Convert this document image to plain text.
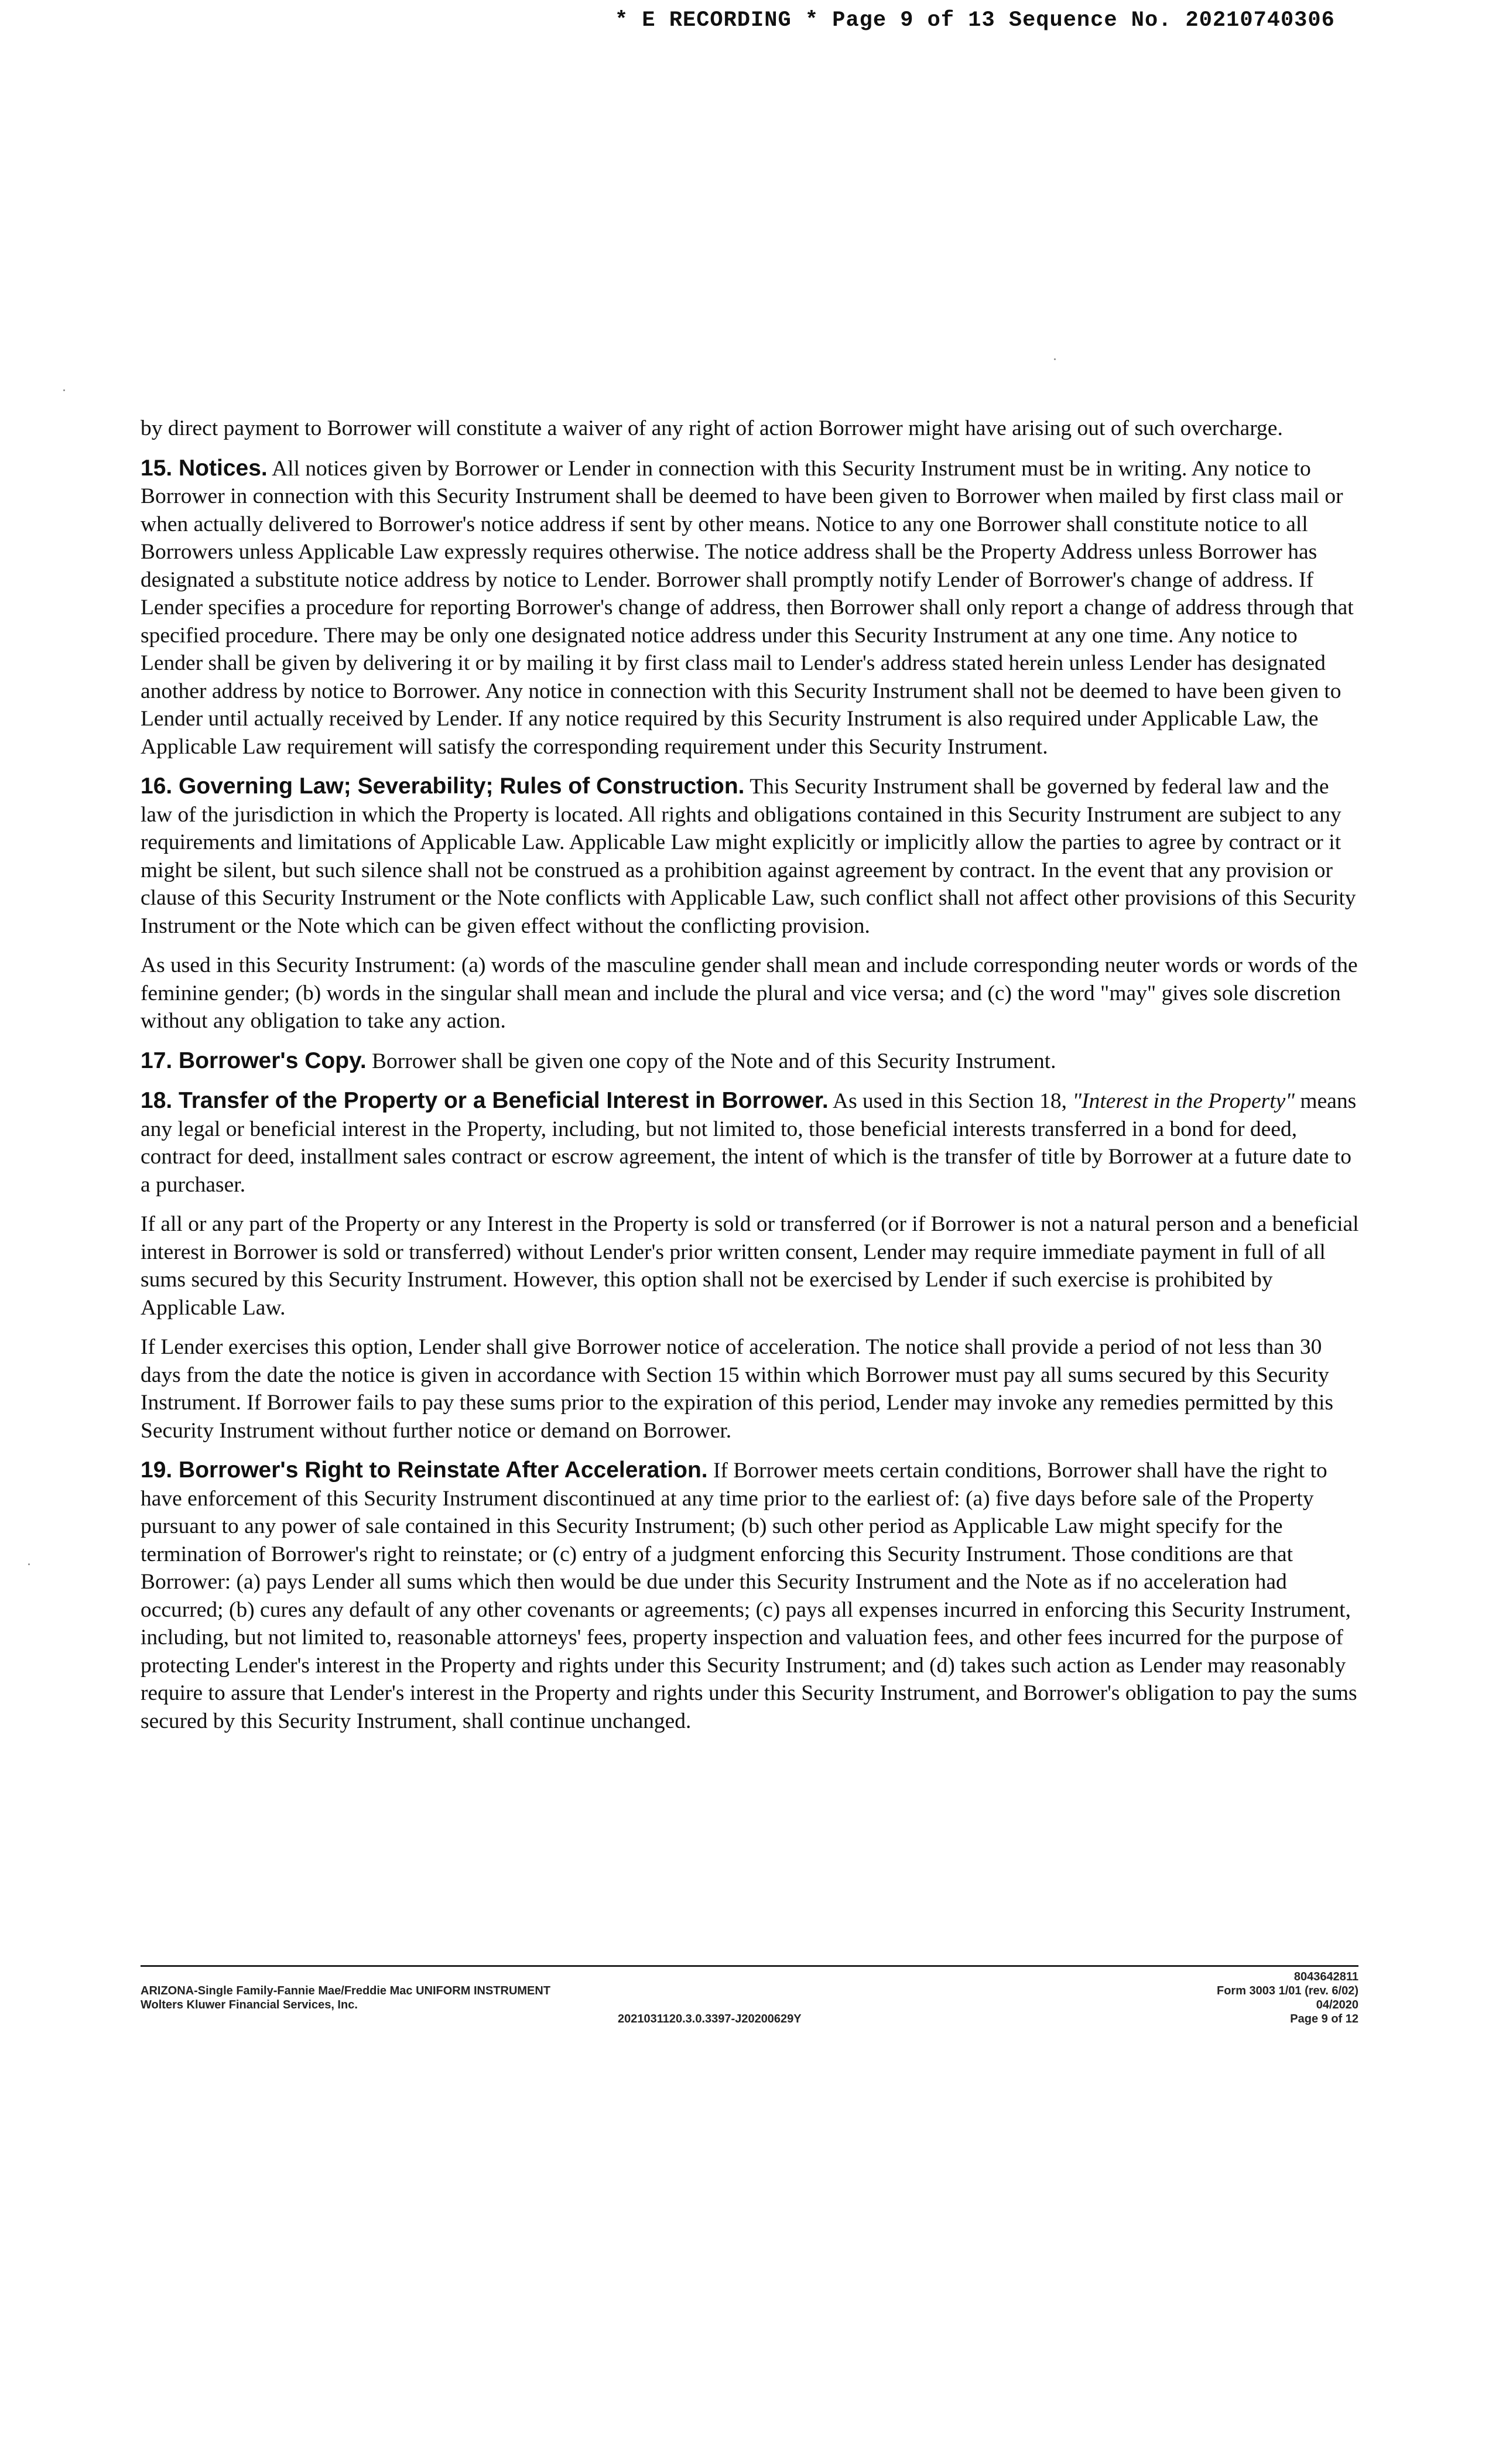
* E RECORDING * Page 9 of 13 Sequence No. 20210740306

by direct payment to Borrower will constitute a waiver of any right of action Borrower might have arising out of such overcharge.

15. Notices. All notices given by Borrower or Lender in connection with this Security Instrument must be in writing. Any notice to Borrower in connection with this Security Instrument shall be deemed to have been given to Borrower when mailed by first class mail or when actually delivered to Borrower's notice address if sent by other means. Notice to any one Borrower shall constitute notice to all Borrowers unless Applicable Law expressly requires otherwise. The notice address shall be the Property Address unless Borrower has designated a substitute notice address by notice to Lender. Borrower shall promptly notify Lender of Borrower's change of address. If Lender specifies a procedure for reporting Borrower's change of address, then Borrower shall only report a change of address through that specified procedure. There may be only one designated notice address under this Security Instrument at any one time. Any notice to Lender shall be given by delivering it or by mailing it by first class mail to Lender's address stated herein unless Lender has designated another address by notice to Borrower. Any notice in connection with this Security Instrument shall not be deemed to have been given to Lender until actually received by Lender. If any notice required by this Security Instrument is also required under Applicable Law, the Applicable Law requirement will satisfy the corresponding requirement under this Security Instrument.

16. Governing Law; Severability; Rules of Construction. This Security Instrument shall be governed by federal law and the law of the jurisdiction in which the Property is located. All rights and obligations contained in this Security Instrument are subject to any requirements and limitations of Applicable Law. Applicable Law might explicitly or implicitly allow the parties to agree by contract or it might be silent, but such silence shall not be construed as a prohibition against agreement by contract. In the event that any provision or clause of this Security Instrument or the Note conflicts with Applicable Law, such conflict shall not affect other provisions of this Security Instrument or the Note which can be given effect without the conflicting provision.

As used in this Security Instrument: (a) words of the masculine gender shall mean and include corresponding neuter words or words of the feminine gender; (b) words in the singular shall mean and include the plural and vice versa; and (c) the word "may" gives sole discretion without any obligation to take any action.

17. Borrower's Copy. Borrower shall be given one copy of the Note and of this Security Instrument.

18. Transfer of the Property or a Beneficial Interest in Borrower. As used in this Section 18, "Interest in the Property" means any legal or beneficial interest in the Property, including, but not limited to, those beneficial interests transferred in a bond for deed, contract for deed, installment sales contract or escrow agreement, the intent of which is the transfer of title by Borrower at a future date to a purchaser.

If all or any part of the Property or any Interest in the Property is sold or transferred (or if Borrower is not a natural person and a beneficial interest in Borrower is sold or transferred) without Lender's prior written consent, Lender may require immediate payment in full of all sums secured by this Security Instrument. However, this option shall not be exercised by Lender if such exercise is prohibited by Applicable Law.

If Lender exercises this option, Lender shall give Borrower notice of acceleration. The notice shall provide a period of not less than 30 days from the date the notice is given in accordance with Section 15 within which Borrower must pay all sums secured by this Security Instrument. If Borrower fails to pay these sums prior to the expiration of this period, Lender may invoke any remedies permitted by this Security Instrument without further notice or demand on Borrower.

19. Borrower's Right to Reinstate After Acceleration. If Borrower meets certain conditions, Borrower shall have the right to have enforcement of this Security Instrument discontinued at any time prior to the earliest of: (a) five days before sale of the Property pursuant to any power of sale contained in this Security Instrument; (b) such other period as Applicable Law might specify for the termination of Borrower's right to reinstate; or (c) entry of a judgment enforcing this Security Instrument. Those conditions are that Borrower: (a) pays Lender all sums which then would be due under this Security Instrument and the Note as if no acceleration had occurred; (b) cures any default of any other covenants or agreements; (c) pays all expenses incurred in enforcing this Security Instrument, including, but not limited to, reasonable attorneys' fees, property inspection and valuation fees, and other fees incurred for the purpose of protecting Lender's interest in the Property and rights under this Security Instrument; and (d) takes such action as Lender may reasonably require to assure that Lender's interest in the Property and rights under this Security Instrument, and Borrower's obligation to pay the sums secured by this Security Instrument, shall continue unchanged.

ARIZONA-Single Family-Fannie Mae/Freddie Mac UNIFORM INSTRUMENT
Wolters Kluwer Financial Services, Inc.
2021031120.3.0.3397-J20200629Y
8043642811
Form 3003 1/01 (rev. 6/02)
04/2020
Page 9 of 12
